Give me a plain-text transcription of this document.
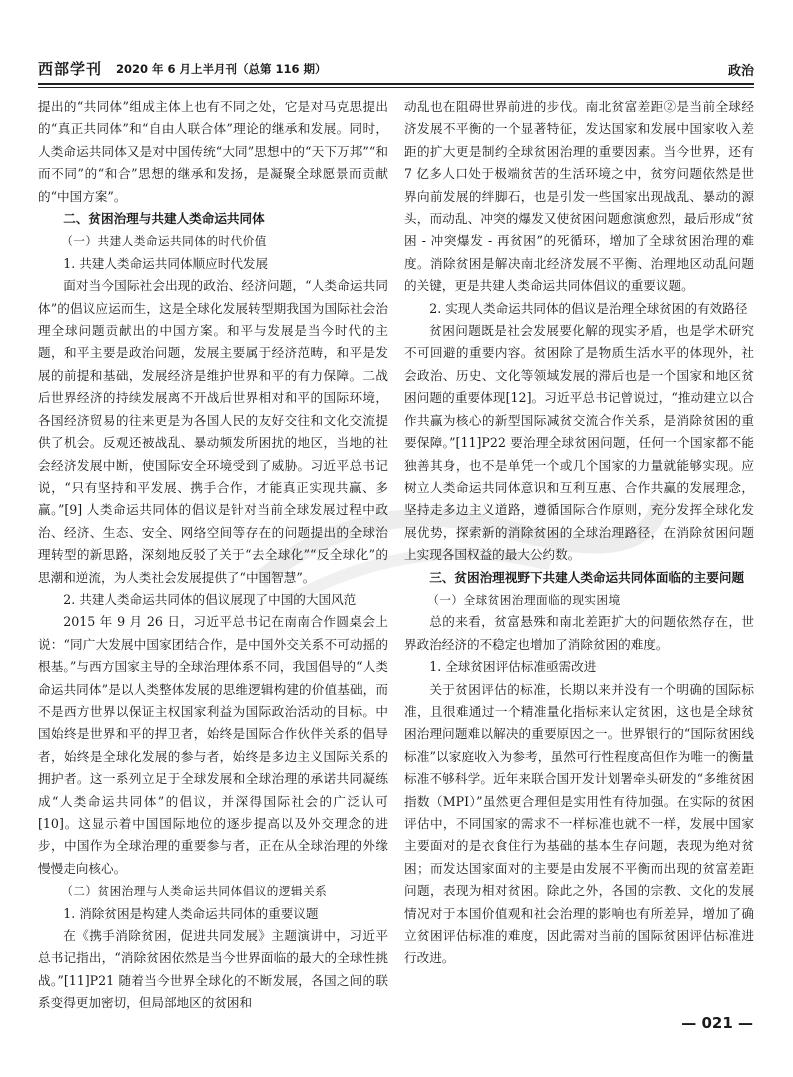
西部学刊 2020 年 6 月上半月刊（总第 116 期）	政治

提出的“共同体”组成主体上也有不同之处，它是对马克思提出的“真正共同体”和“自由人联合体”理论的继承和发展。同时，人类命运共同体又是对中国传统“大同”思想中的“天下万邦”“和而不同”的“和合”思想的继承和发扬，是凝聚全球愿景而贡献的“中国方案”。

二、贫困治理与共建人类命运共同体

（一）共建人类命运共同体的时代价值

1. 共建人类命运共同体顺应时代发展

面对当今国际社会出现的政治、经济问题，“人类命运共同体”的倡议应运而生，这是全球化发展转型期我国为国际社会治理全球问题贡献出的中国方案。和平与发展是当今时代的主题，和平主要是政治问题，发展主要属于经济范畴，和平是发展的前提和基础，发展经济是维护世界和平的有力保障。二战后世界经济的持续发展离不开战后世界相对和平的国际环境，各国经济贸易的往来更是为各国人民的友好交往和文化交流提供了机会。反观还被战乱、暴动频发所困扰的地区，当地的社会经济发展中断，使国际安全环境受到了威胁。习近平总书记说，“只有坚持和平发展、携手合作，才能真正实现共赢、多赢。”[9] 人类命运共同体的倡议是针对当前全球发展过程中政治、经济、生态、安全、网络空间等存在的问题提出的全球治理转型的新思路，深刻地反驳了关于“去全球化”“反全球化”的思潮和逆流，为人类社会发展提供了“中国智慧”。

2. 共建人类命运共同体的倡议展现了中国的大国风范

2015 年 9 月 26 日，习近平总书记在南南合作圆桌会上说：“同广大发展中国家团结合作，是中国外交关系不可动摇的根基。”与西方国家主导的全球治理体系不同，我国倡导的“人类命运共同体”是以人类整体发展的思维逻辑构建的价值基础，而不是西方世界以保证主权国家利益为国际政治活动的目标。中国始终是世界和平的捍卫者，始终是国际合作伙伴关系的倡导者，始终是全球化发展的参与者，始终是多边主义国际关系的拥护者。这一系列立足于全球发展和全球治理的承诺共同凝练成“人类命运共同体”的倡议，并深得国际社会的广泛认可[10]。这显示着中国国际地位的逐步提高以及外交理念的进步，中国作为全球治理的重要参与者，正在从全球治理的外缘慢慢走向核心。

（二）贫困治理与人类命运共同体倡议的逻辑关系

1. 消除贫困是构建人类命运共同体的重要议题

在《携手消除贫困，促进共同发展》主题演讲中，习近平总书记指出，“消除贫困依然是当今世界面临的最大的全球性挑战。”[11]P21 随着当今世界全球化的不断发展，各国之间的联系变得更加密切，但局部地区的贫困和

动乱也在阻碍世界前进的步伐。南北贫富差距②是当前全球经济发展不平衡的一个显著特征，发达国家和发展中国家收入差距的扩大更是制约全球贫困治理的重要因素。当今世界，还有 7 亿多人口处于极端贫苦的生活环境之中，贫穷问题依然是世界向前发展的绊脚石，也是引发一些国家出现战乱、暴动的源头，而动乱、冲突的爆发又使贫困问题愈演愈烈，最后形成“贫困 - 冲突爆发 - 再贫困”的死循环，增加了全球贫困治理的难度。消除贫困是解决南北经济发展不平衡、治理地区动乱问题的关键，更是共建人类命运共同体倡议的重要议题。

2. 实现人类命运共同体的倡议是治理全球贫困的有效路径

贫困问题既是社会发展要化解的现实矛盾，也是学术研究不可回避的重要内容。贫困除了是物质生活水平的体现外，社会政治、历史、文化等领域发展的滞后也是一个国家和地区贫困问题的重要体现[12]。习近平总书记曾说过，“推动建立以合作共赢为核心的新型国际减贫交流合作关系，是消除贫困的重要保障。”[11]P22 要治理全球贫困问题，任何一个国家都不能独善其身，也不是单凭一个或几个国家的力量就能够实现。应树立人类命运共同体意识和互利互惠、合作共赢的发展理念，坚持走多边主义道路，遵循国际合作原则，充分发挥全球化发展优势，探索新的消除贫困的全球治理路径，在消除贫困问题上实现各国权益的最大公约数。

三、贫困治理视野下共建人类命运共同体面临的主要问题

（一）全球贫困治理面临的现实困境

总的来看，贫富悬殊和南北差距扩大的问题依然存在，世界政治经济的不稳定也增加了消除贫困的难度。

1. 全球贫困评估标准亟需改进

关于贫困评估的标准，长期以来并没有一个明确的国际标准，且很难通过一个精准量化指标来认定贫困，这也是全球贫困治理问题难以解决的重要原因之一。世界银行的“国际贫困线标准”以家庭收入为参考，虽然可行性程度高但作为唯一的衡量标准不够科学。近年来联合国开发计划署牵头研发的“多维贫困指数（MPI）”虽然更合理但是实用性有待加强。在实际的贫困评估中，不同国家的需求不一样标准也就不一样，发展中国家主要面对的是衣食住行为基础的基本生存问题，表现为绝对贫困；而发达国家面对的主要是由发展不平衡而出现的贫富差距问题，表现为相对贫困。除此之外，各国的宗教、文化的发展情况对于本国价值观和社会治理的影响也有所差异，增加了确立贫困评估标准的难度，因此需对当前的国际贫困评估标准进行改进。

— 021 —
